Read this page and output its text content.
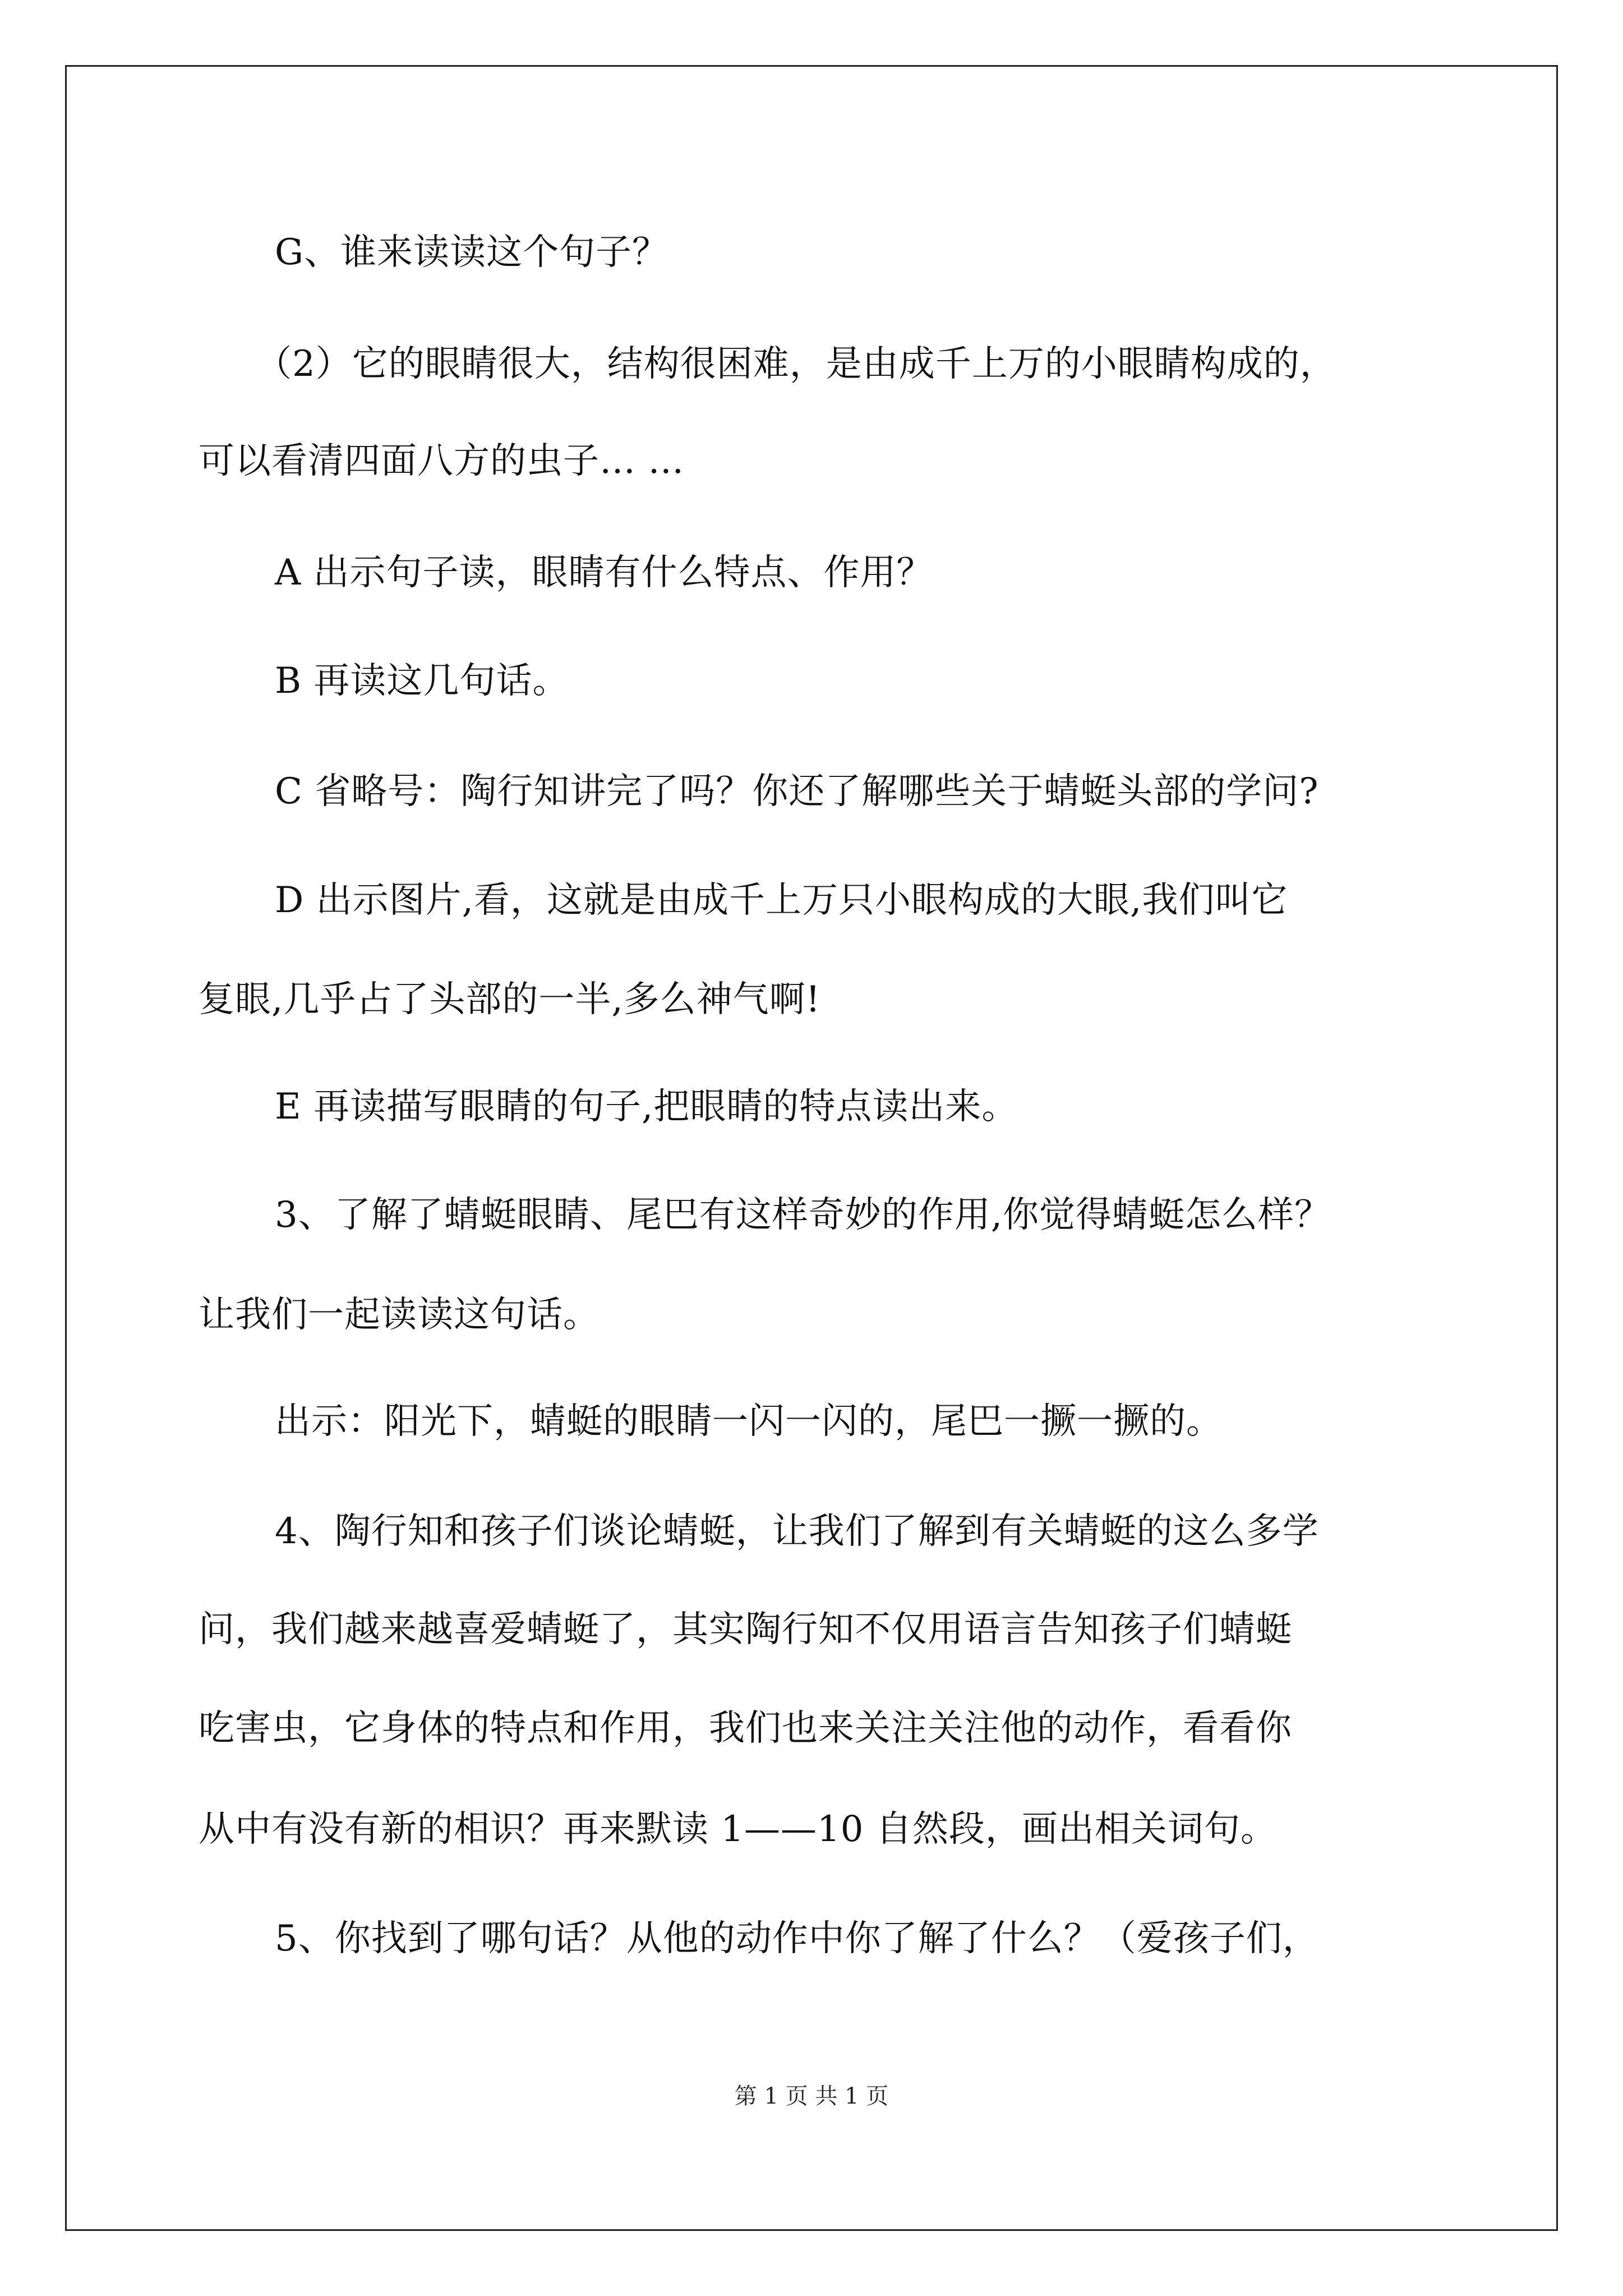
G、谁来读读这个句子？
（2）它的眼睛很大，结构很困难，是由成千上万的小眼睛构成的，
可以看清四面八方的虫子… …
A 出示句子读，眼睛有什么特点、作用？
B 再读这几句话。
C 省略号：陶行知讲完了吗？你还了解哪些关于蜻蜓头部的学问?
D 出示图片,看，这就是由成千上万只小眼构成的大眼,我们叫它
复眼,几乎占了头部的一半,多么神气啊!
E 再读描写眼睛的句子,把眼睛的特点读出来。
3、了解了蜻蜓眼睛、尾巴有这样奇妙的作用,你觉得蜻蜓怎么样？
让我们一起读读这句话。
出示：阳光下，蜻蜓的眼睛一闪一闪的，尾巴一撅一撅的。
4、陶行知和孩子们谈论蜻蜓，让我们了解到有关蜻蜓的这么多学
问，我们越来越喜爱蜻蜓了，其实陶行知不仅用语言告知孩子们蜻蜓
吃害虫，它身体的特点和作用，我们也来关注关注他的动作，看看你
从中有没有新的相识？再来默读 1——10 自然段，画出相关词句。
5、你找到了哪句话？从他的动作中你了解了什么？（爱孩子们，
第 1 页 共 1 页
